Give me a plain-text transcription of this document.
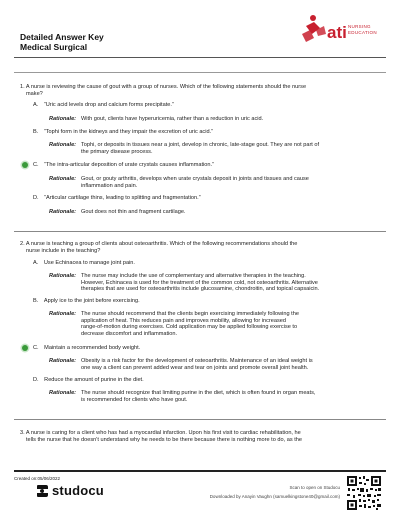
Detailed Answer Key
Medical Surgical
ati NURSING
EDUCATION
1. A nurse is reviewing the cause of gout with a group of nurses. Which of the following statements should the nurse
make?
A. “Uric acid levels drop and calcium forms precipitate.”
Rationale: With gout, clients have hyperuricemia, rather than a reduction in uric acid.
B. “Tophi form in the kidneys and they impair the excretion of uric acid.”
Rationale: Tophi, or deposits in tissues near a joint, develop in chronic, late-stage gout. They are not part of
the primary disease process.
C. “The intra-articular deposition of urate crystals causes inflammation.”
Rationale: Gout, or gouty arthritis, develops when urate crystals deposit in joints and tissues and cause
inflammation and pain.
D. “Articular cartilage thins, leading to splitting and fragmentation.”
Rationale: Gout does not thin and fragment cartilage.
2. A nurse is teaching a group of clients about osteoarthritis. Which of the following recommendations should the
nurse include in the teaching?
A. Use Echinacea to manage joint pain.
Rationale: The nurse may include the use of complementary and alternative therapies in the teaching.
However, Echinacea is used for the treatment of the common cold, not osteoarthritis. Alternative
therapies that are used for osteoarthritis include glucosamine, chondroitin, and topical capsaicin.
B. Apply ice to the joint before exercising.
Rationale: The nurse should recommend that the clients begin exercising immediately following the
application of heat. This reduces pain and improves mobility, allowing for increased
range-of-motion during exercises. Cold application may be applied following exercise to
decrease discomfort and inflammation.
C. Maintain a recommended body weight.
Rationale: Obesity is a risk factor for the development of osteoarthritis. Maintenance of an ideal weight is
one way a client can prevent added wear and tear on joints and promote overall joint health.
D. Reduce the amount of purine in the diet.
Rationale: The nurse should recognize that limiting purine in the diet, which is often found in organ meats,
is recommended for clients who have gout.
3. A nurse is caring for a client who has had a myocardial infarction. Upon his first visit to cardiac rehabilitation, he
tells the nurse that he doesn't understand why he needs to be there because there is nothing more to do, as the
Created on:05/06/2022
studocu	Scan to open on Studocu
Downloaded by Anayin Vaughn (samuelkingstone40@gmail.com)
